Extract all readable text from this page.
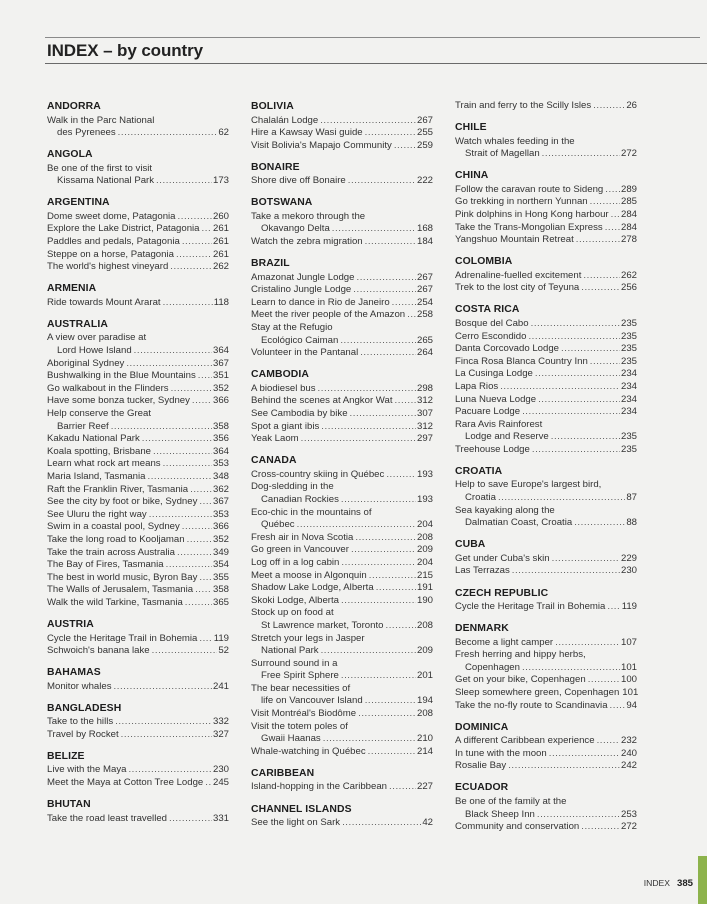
INDEX – by country
ANDORRA
Walk in the Parc National
des Pyrenees .....	62
ANGOLA
Be one of the first to visit
Kissama National Park .....	173
ARGENTINA
Dome sweet dome, Patagonia .....	260
Explore the Lake District, Patagonia ..... 261
Paddles and pedals, Patagonia .....	261
Steppe on a horse, Patagonia .....	261
The world's highest vineyard .....	262
ARMENIA
Ride towards Mount Ararat .....	118
AUSTRALIA
A view over paradise at
Lord Howe Island .....	364
Aboriginal Sydney .....	367
Bushwalking in the Blue Mountains ..... 351
Go walkabout in the Flinders .....	352
Have some bonza tucker, Sydney ..... 366
Help conserve the Great
Barrier Reef .....	358
Kakadu National Park .....	356
Koala spotting, Brisbane .....	364
Learn what rock art means .....	353
Maria Island, Tasmania .....	348
Raft the Franklin River, Tasmania .....	362
See the city by foot or bike, Sydney ..... 367
See Uluru the right way .....	353
Swim in a coastal pool, Sydney .....	366
Take the long road to Kooljaman .....	352
Take the train across Australia .....	349
The Bay of Fires, Tasmania .....	354
The best in world music, Byron Bay ..... 355
The Walls of Jerusalem, Tasmania ..... 358
Walk the wild Tarkine, Tasmania .....	365
AUSTRIA
Cycle the Heritage Trail in Bohemia ..... 119
Schwoich's banana lake .....	52
BAHAMAS
Monitor whales .....	241
BANGLADESH
Take to the hills .....	332
Travel by Rocket .....	327
BELIZE
Live with the Maya .....	230
Meet the Maya at Cotton Tree Lodge ..... 245
BHUTAN
Take the road least travelled .....	331
BOLIVIA
Chalalán Lodge .....	267
Hire a Kawsay Wasi guide .....	255
Visit Bolivia's Mapajo Community .....	259
BONAIRE
Shore dive off Bonaire .....	222
BOTSWANA
Take a mekoro through the
Okavango Delta .....	168
Watch the zebra migration .....	184
BRAZIL
Amazonat Jungle Lodge .....	267
Cristalino Jungle Lodge .....	267
Learn to dance in Rio de Janeiro .....	254
Meet the river people of the Amazon ..... 258
Stay at the Refugio
Ecológico Caiman .....	265
Volunteer in the Pantanal .....	264
CAMBODIA
A biodiesel bus .....	298
Behind the scenes at Angkor Wat .....	312
See Cambodia by bike .....	307
Spot a giant ibis .....	312
Yeak Laom .....	297
CANADA
Cross-country skiing in Québec .....	193
Dog-sledding in the
Canadian Rockies .....	193
Eco-chic in the mountains of
Québec .....	204
Fresh air in Nova Scotia .....	208
Go green in Vancouver .....	209
Log off in a log cabin .....	204
Meet a moose in Algonquin .....	215
Shadow Lake Lodge, Alberta .....	191
Skoki Lodge, Alberta .....	190
Stock up on food at
St Lawrence market, Toronto .....	208
Stretch your legs in Jasper
National Park .....	209
Surround sound in a
Free Spirit Sphere .....	201
The bear necessities of
life on Vancouver Island .....	194
Visit Montréal's Biodôme .....	208
Visit the totem poles of
Gwaii Haanas .....	210
Whale-watching in Québec .....	214
CARIBBEAN
Island-hopping in the Caribbean .....	227
CHANNEL ISLANDS
See the light on Sark .....	42
Train and ferry to the Scilly Isles .....	26
CHILE
Watch whales feeding in the
Strait of Magellan .....	272
CHINA
Follow the caravan route to Sideng ..... 289
Go trekking in northern Yunnan .....	285
Pink dolphins in Hong Kong harbour ..... 284
Take the Trans-Mongolian Express ..... 284
Yangshuo Mountain Retreat .....	278
COLOMBIA
Adrenaline-fuelled excitement .....	262
Trek to the lost city of Teyuna .....	256
COSTA RICA
Bosque del Cabo .....	235
Cerro Escondido .....	235
Danta Corcovado Lodge .....	235
Finca Rosa Blanca Country Inn .....	235
La Cusinga Lodge .....	234
Lapa Rios .....	234
Luna Nueva Lodge .....	234
Pacuare Lodge .....	234
Rara Avis Rainforest
Lodge and Reserve .....	235
Treehouse Lodge .....	235
CROATIA
Help to save Europe's largest bird,
Croatia .....	87
Sea kayaking along the
Dalmatian Coast, Croatia .....	88
CUBA
Get under Cuba's skin .....	229
Las Terrazas .....	230
CZECH REPUBLIC
Cycle the Heritage Trail in Bohemia ..... 119
DENMARK
Become a light camper .....	107
Fresh herring and hippy herbs,
Copenhagen .....	101
Get on your bike, Copenhagen .....	100
Sleep somewhere green, Copenhagen 101
Take the no-fly route to Scandinavia ..... 94
DOMINICA
A different Caribbean experience .....	232
In tune with the moon .....	240
Rosalie Bay .....	242
ECUADOR
Be one of the family at the
Black Sheep Inn .....	253
Community and conservation .....	272
INDEX 385
